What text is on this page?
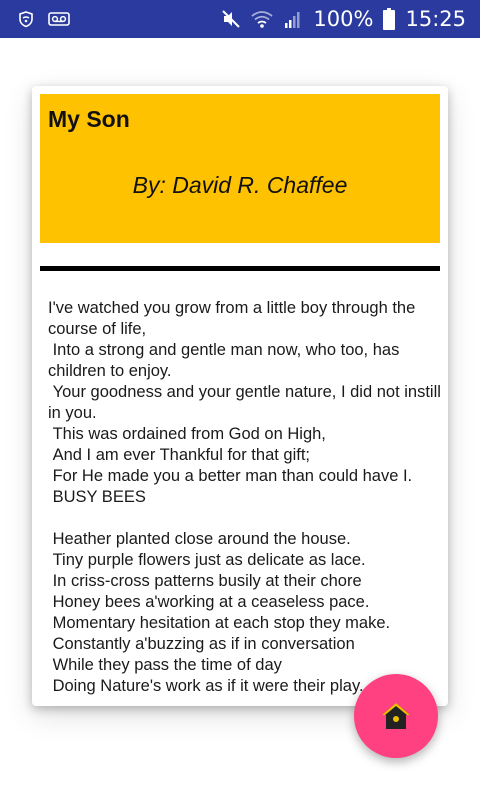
100% 15:25
My Son
By: David R. Chaffee
I've watched you grow from a little boy through the course of life,
Into a strong and gentle man now, who too, has children to enjoy.
Your goodness and your gentle nature, I did not instill in you.
This was ordained from God on High,
And I am ever Thankful for that gift;
For He made you a better man than could have I.
BUSY BEES
Heather planted close around the house.
Tiny purple flowers just as delicate as lace.
In criss-cross patterns busily at their chore
Honey bees a'working at a ceaseless pace.
Momentary hesitation at each stop they make.
Constantly a'buzzing as if in conversation
While they pass the time of day
Doing Nature's work as if it were their play.
